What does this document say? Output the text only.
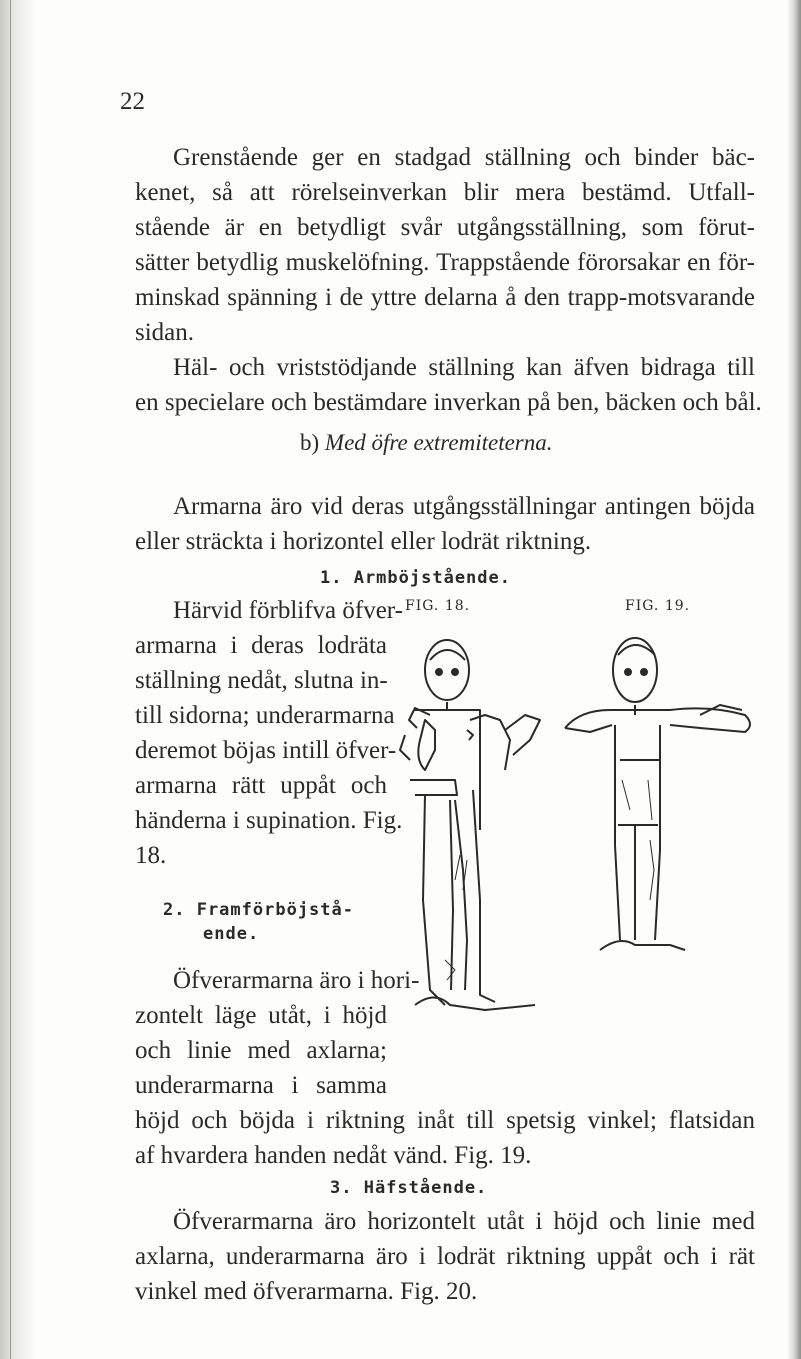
22
Grenstående ger en stadgad ställning och binder bäc-
kenet, så att rörelseinverkan blir mera bestämd. Utfall-
stående är en betydligt svår utgångsställning, som förut-
sätter betydlig muskelöfning. Trappstående förorsakar en för-
minskad spänning i de yttre delarna å den trapp-motsvarande
sidan.
Häl- och vriststödjande ställning kan äfven bidraga till
en specielare och bestämdare inverkan på ben, bäcken och bål.
b) Med öfre extremiteterna.
Armarna äro vid deras utgångsställningar antingen böjda
eller sträckta i horizontel eller lodrät riktning.
1. Armböjstående.
Härvid förblifva öfver-
armarna i deras lodräta
ställning nedåt, slutna in-
till sidorna; underarmarna
deremot böjas intill öfver-
armarna rätt uppåt och
händerna i supination. Fig.
18.
2. Framförböjstå-
ende.
Öfverarmarna äro i hori-
zontelt läge utåt, i höjd
och linie med axlarna;
underarmarna i samma
höjd och böjda i riktning inåt till spetsig vinkel; flatsidan
af hvardera handen nedåt vänd. Fig. 19.
3. Häfstående.
Öfverarmarna äro horizontelt utåt i höjd och linie med
axlarna, underarmarna äro i lodrät riktning uppåt och i rät
vinkel med öfverarmarna. Fig. 20.
FIG. 18.	FIG. 19.
